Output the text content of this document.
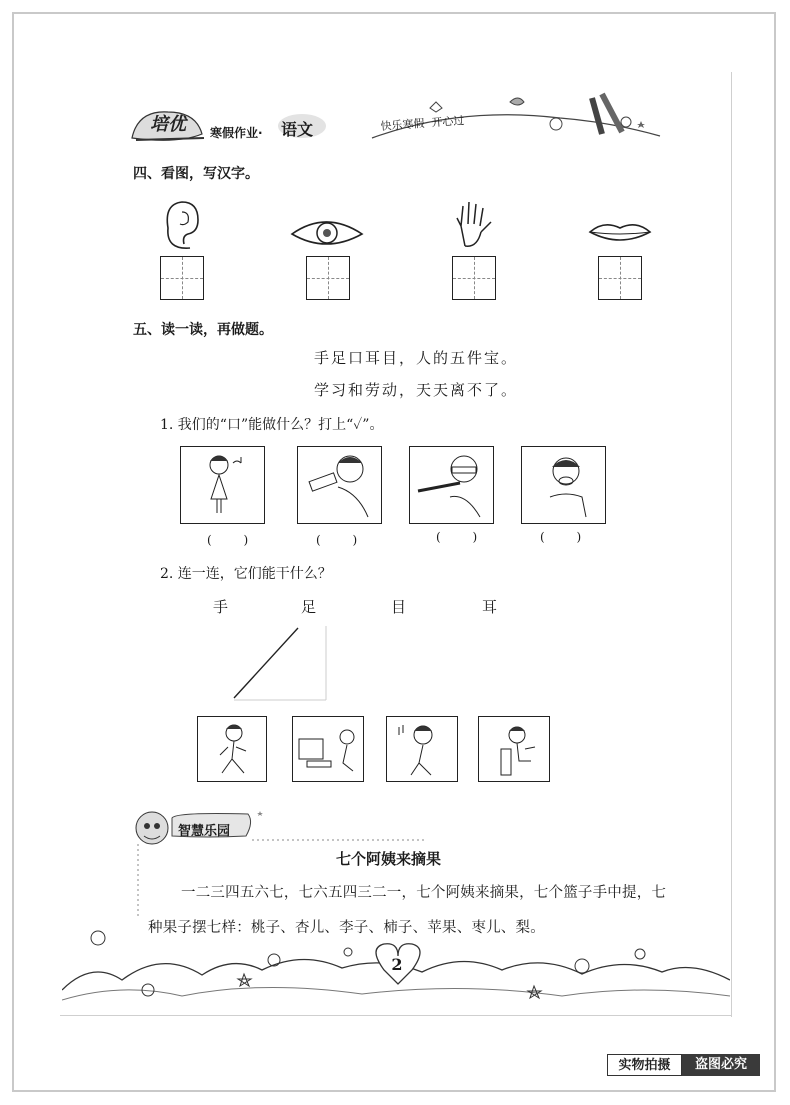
培优 寒假作业· 语文	快乐寒假  开心过
四、看图，写汉字。
五、读一读，再做题。
手足口耳目，人的五件宝。
学习和劳动，天天离不了。
1. 我们的“口”能做什么？打上“✓”。
( )	( )	( )	( )
2. 连一连，它们能干什么？
手	足	目	耳
智慧乐园
七个阿姨来摘果
一二三四五六七，七六五四三二一，七个阿姨来摘果，七个篮子手中提，七种果子摆七样：桃子、杏儿、李子、柿子、苹果、枣儿、梨。
2
实物拍摄	盗图必究
